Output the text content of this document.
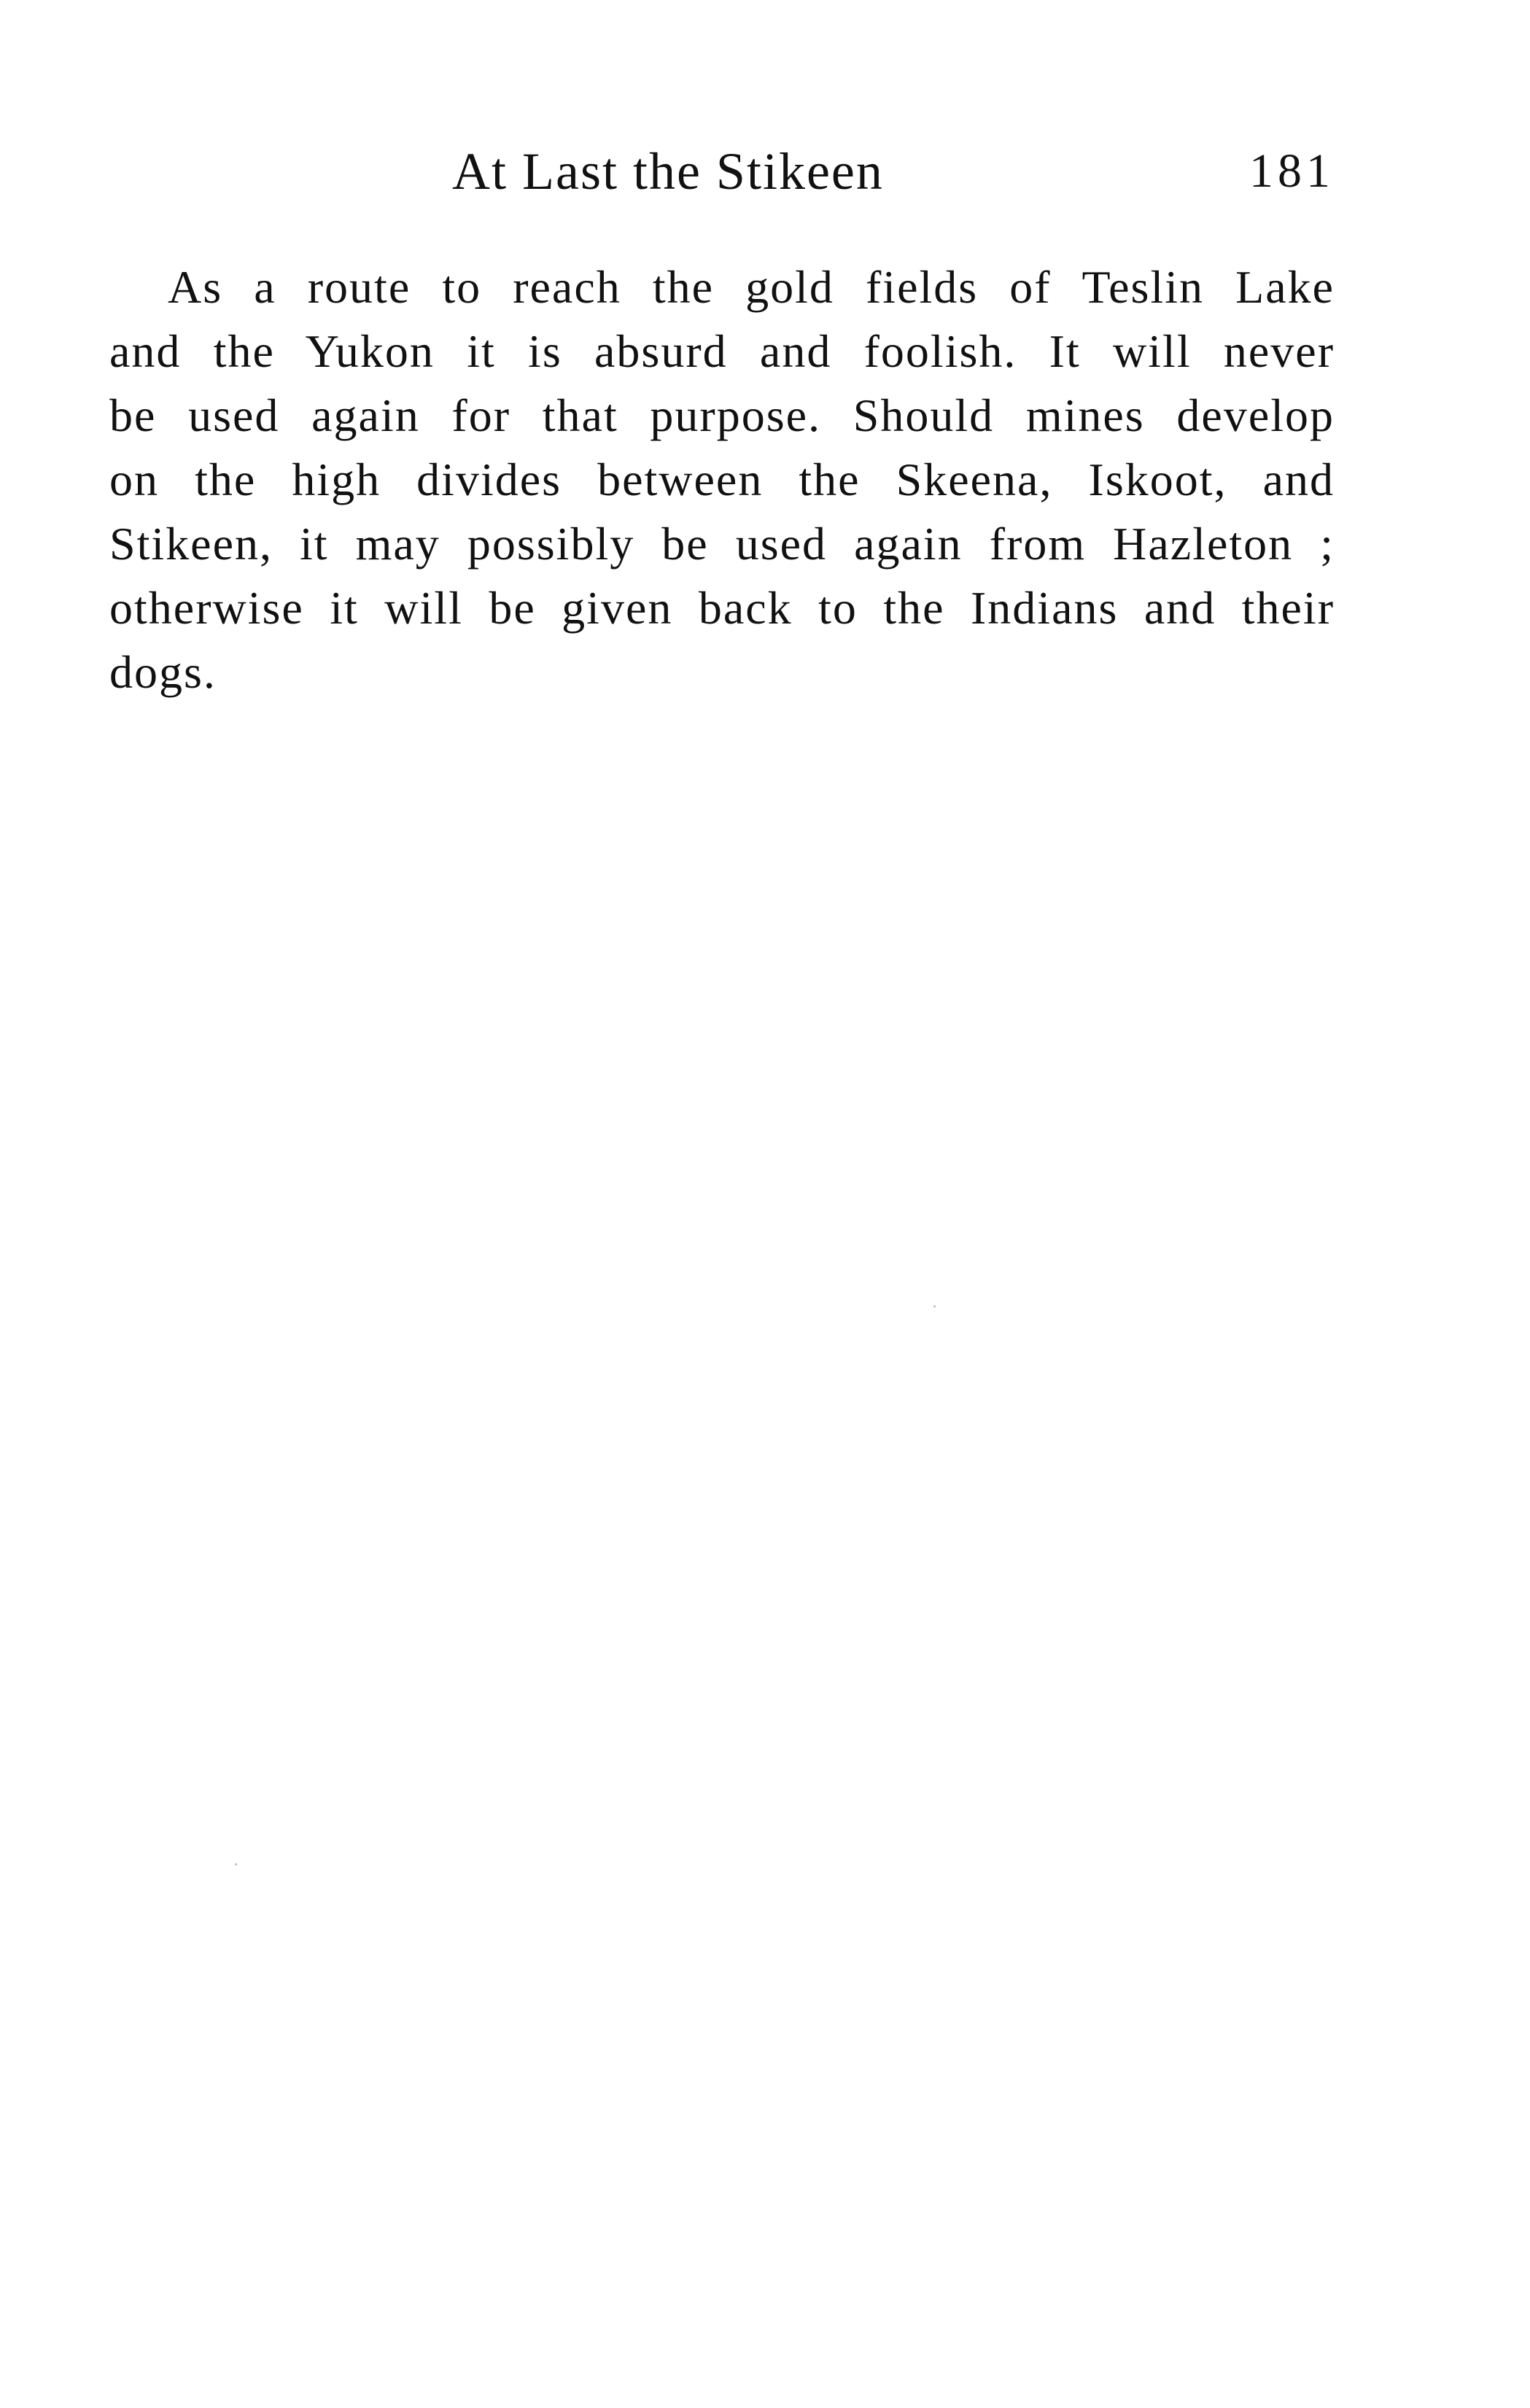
At Last the Stikeen	181
As a route to reach the gold fields of Teslin Lake
and the Yukon it is absurd and foolish. It will never
be used again for that purpose. Should mines develop
on the high divides between the Skeena, Iskoot, and
Stikeen, it may possibly be used again from Hazleton ;
otherwise it will be given back to the Indians and their
dogs.
